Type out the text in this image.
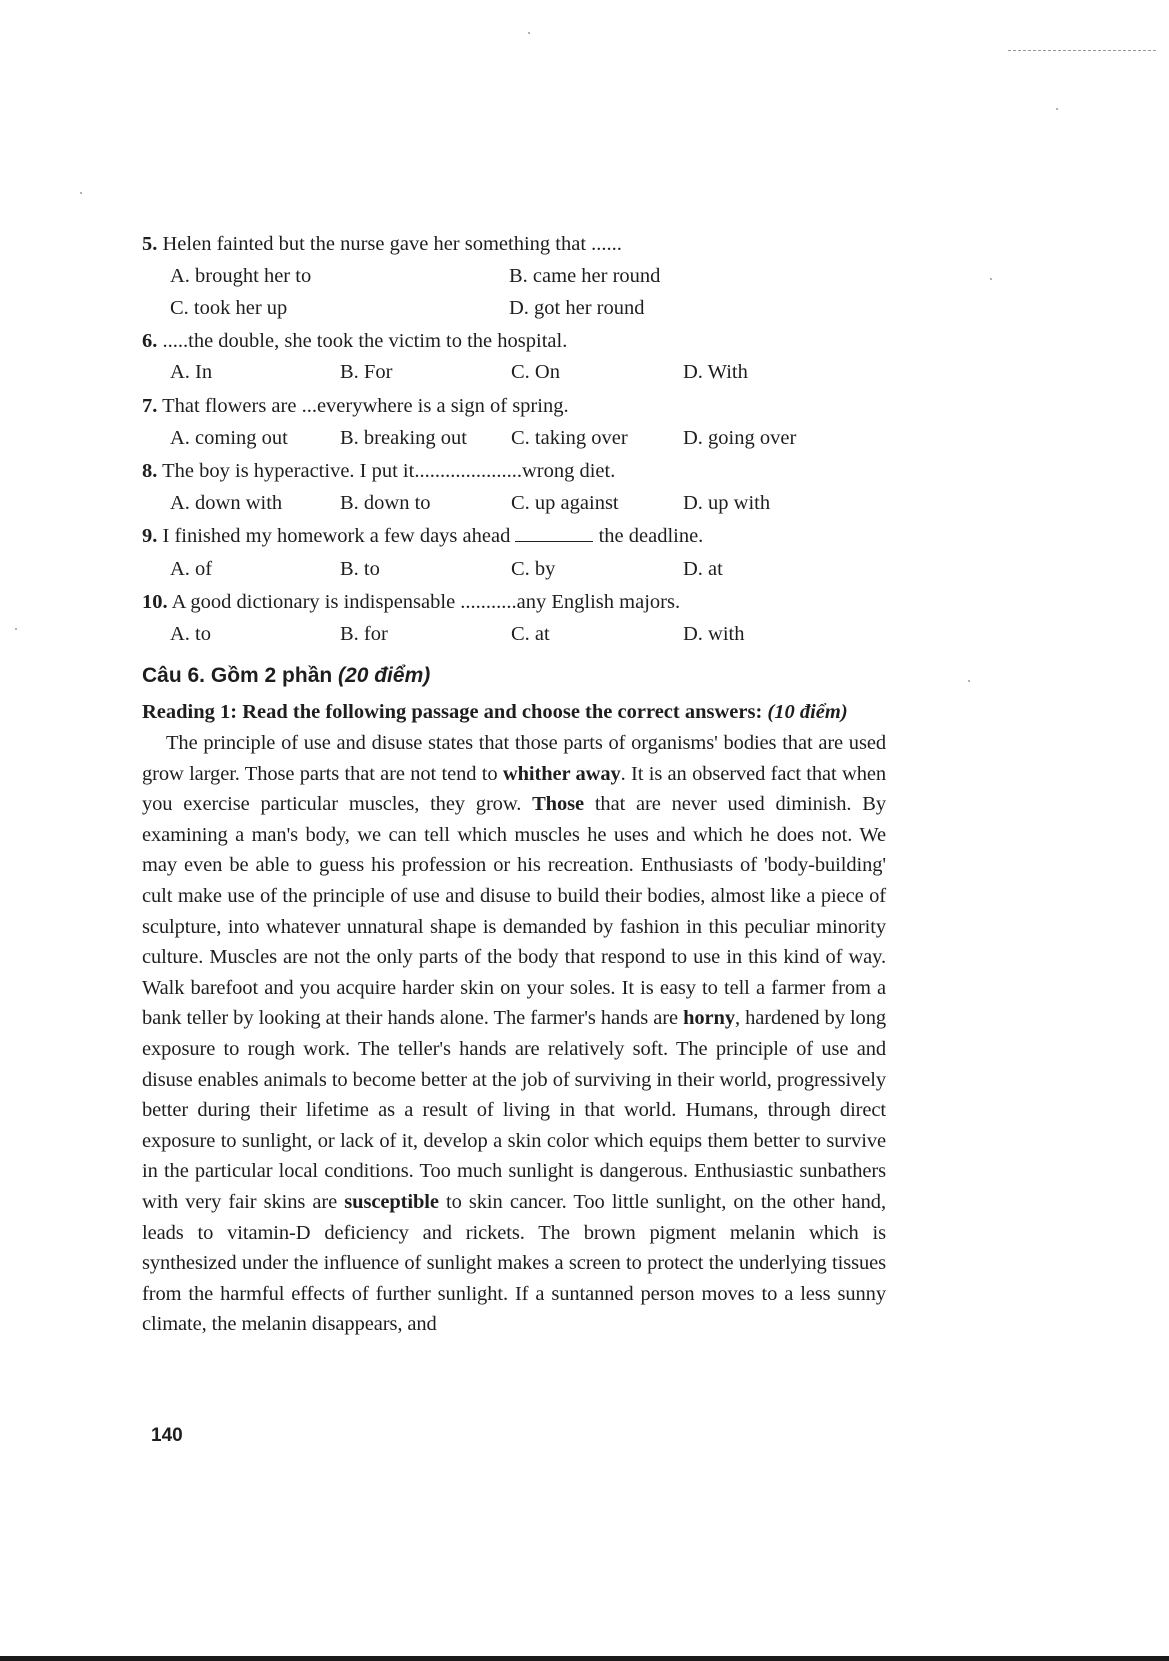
5. Helen fainted but the nurse gave her something that ......
A. brought her to	B. came her round
C. took her up	D. got her round
6. .....the double, she took the victim to the hospital.
A. In	B. For	C. On	D. With
7. That flowers are ...everywhere is a sign of spring.
A. coming out	B. breaking out C. taking over	D. going over
8. The boy is hyperactive. I put it.....................wrong diet.
A. down with	B. down to	C. up against	D. up with
9. I finished my homework a few days ahead	the deadline.
A. of	B. to	C. by	D. at
10. A good dictionary is indispensable ...........any English majors.
A. to	B. for	C. at	D. with
Câu 6. Gồm 2 phần (20 điểm)
Reading 1: Read the following passage and choose the correct answers: (10 điểm)
The principle of use and disuse states that those parts of organisms' bodies that are used grow larger. Those parts that are not tend to whither away. It is an observed fact that when you exercise particular muscles, they grow. Those that are never used diminish. By examining a man's body, we can tell which muscles he uses and which he does not. We may even be able to guess his profession or his recreation. Enthusiasts of 'body-building' cult make use of the principle of use and disuse to build their bodies, almost like a piece of sculpture, into whatever unnatural shape is demanded by fashion in this peculiar minority culture. Muscles are not the only parts of the body that respond to use in this kind of way. Walk barefoot and you acquire harder skin on your soles. It is easy to tell a farmer from a bank teller by looking at their hands alone. The farmer's hands are horny, hardened by long exposure to rough work. The teller's hands are relatively soft. The principle of use and disuse enables animals to become better at the job of surviving in their world, progressively better during their lifetime as a result of living in that world. Humans, through direct exposure to sunlight, or lack of it, develop a skin color which equips them better to survive in the particular local conditions. Too much sunlight is dangerous. Enthusiastic sunbathers with very fair skins are susceptible to skin cancer. Too little sunlight, on the other hand, leads to vitamin-D deficiency and rickets. The brown pigment melanin which is synthesized under the influence of sunlight makes a screen to protect the underlying tissues from the harmful effects of further sunlight. If a suntanned person moves to a less sunny climate, the melanin disappears, and
140
